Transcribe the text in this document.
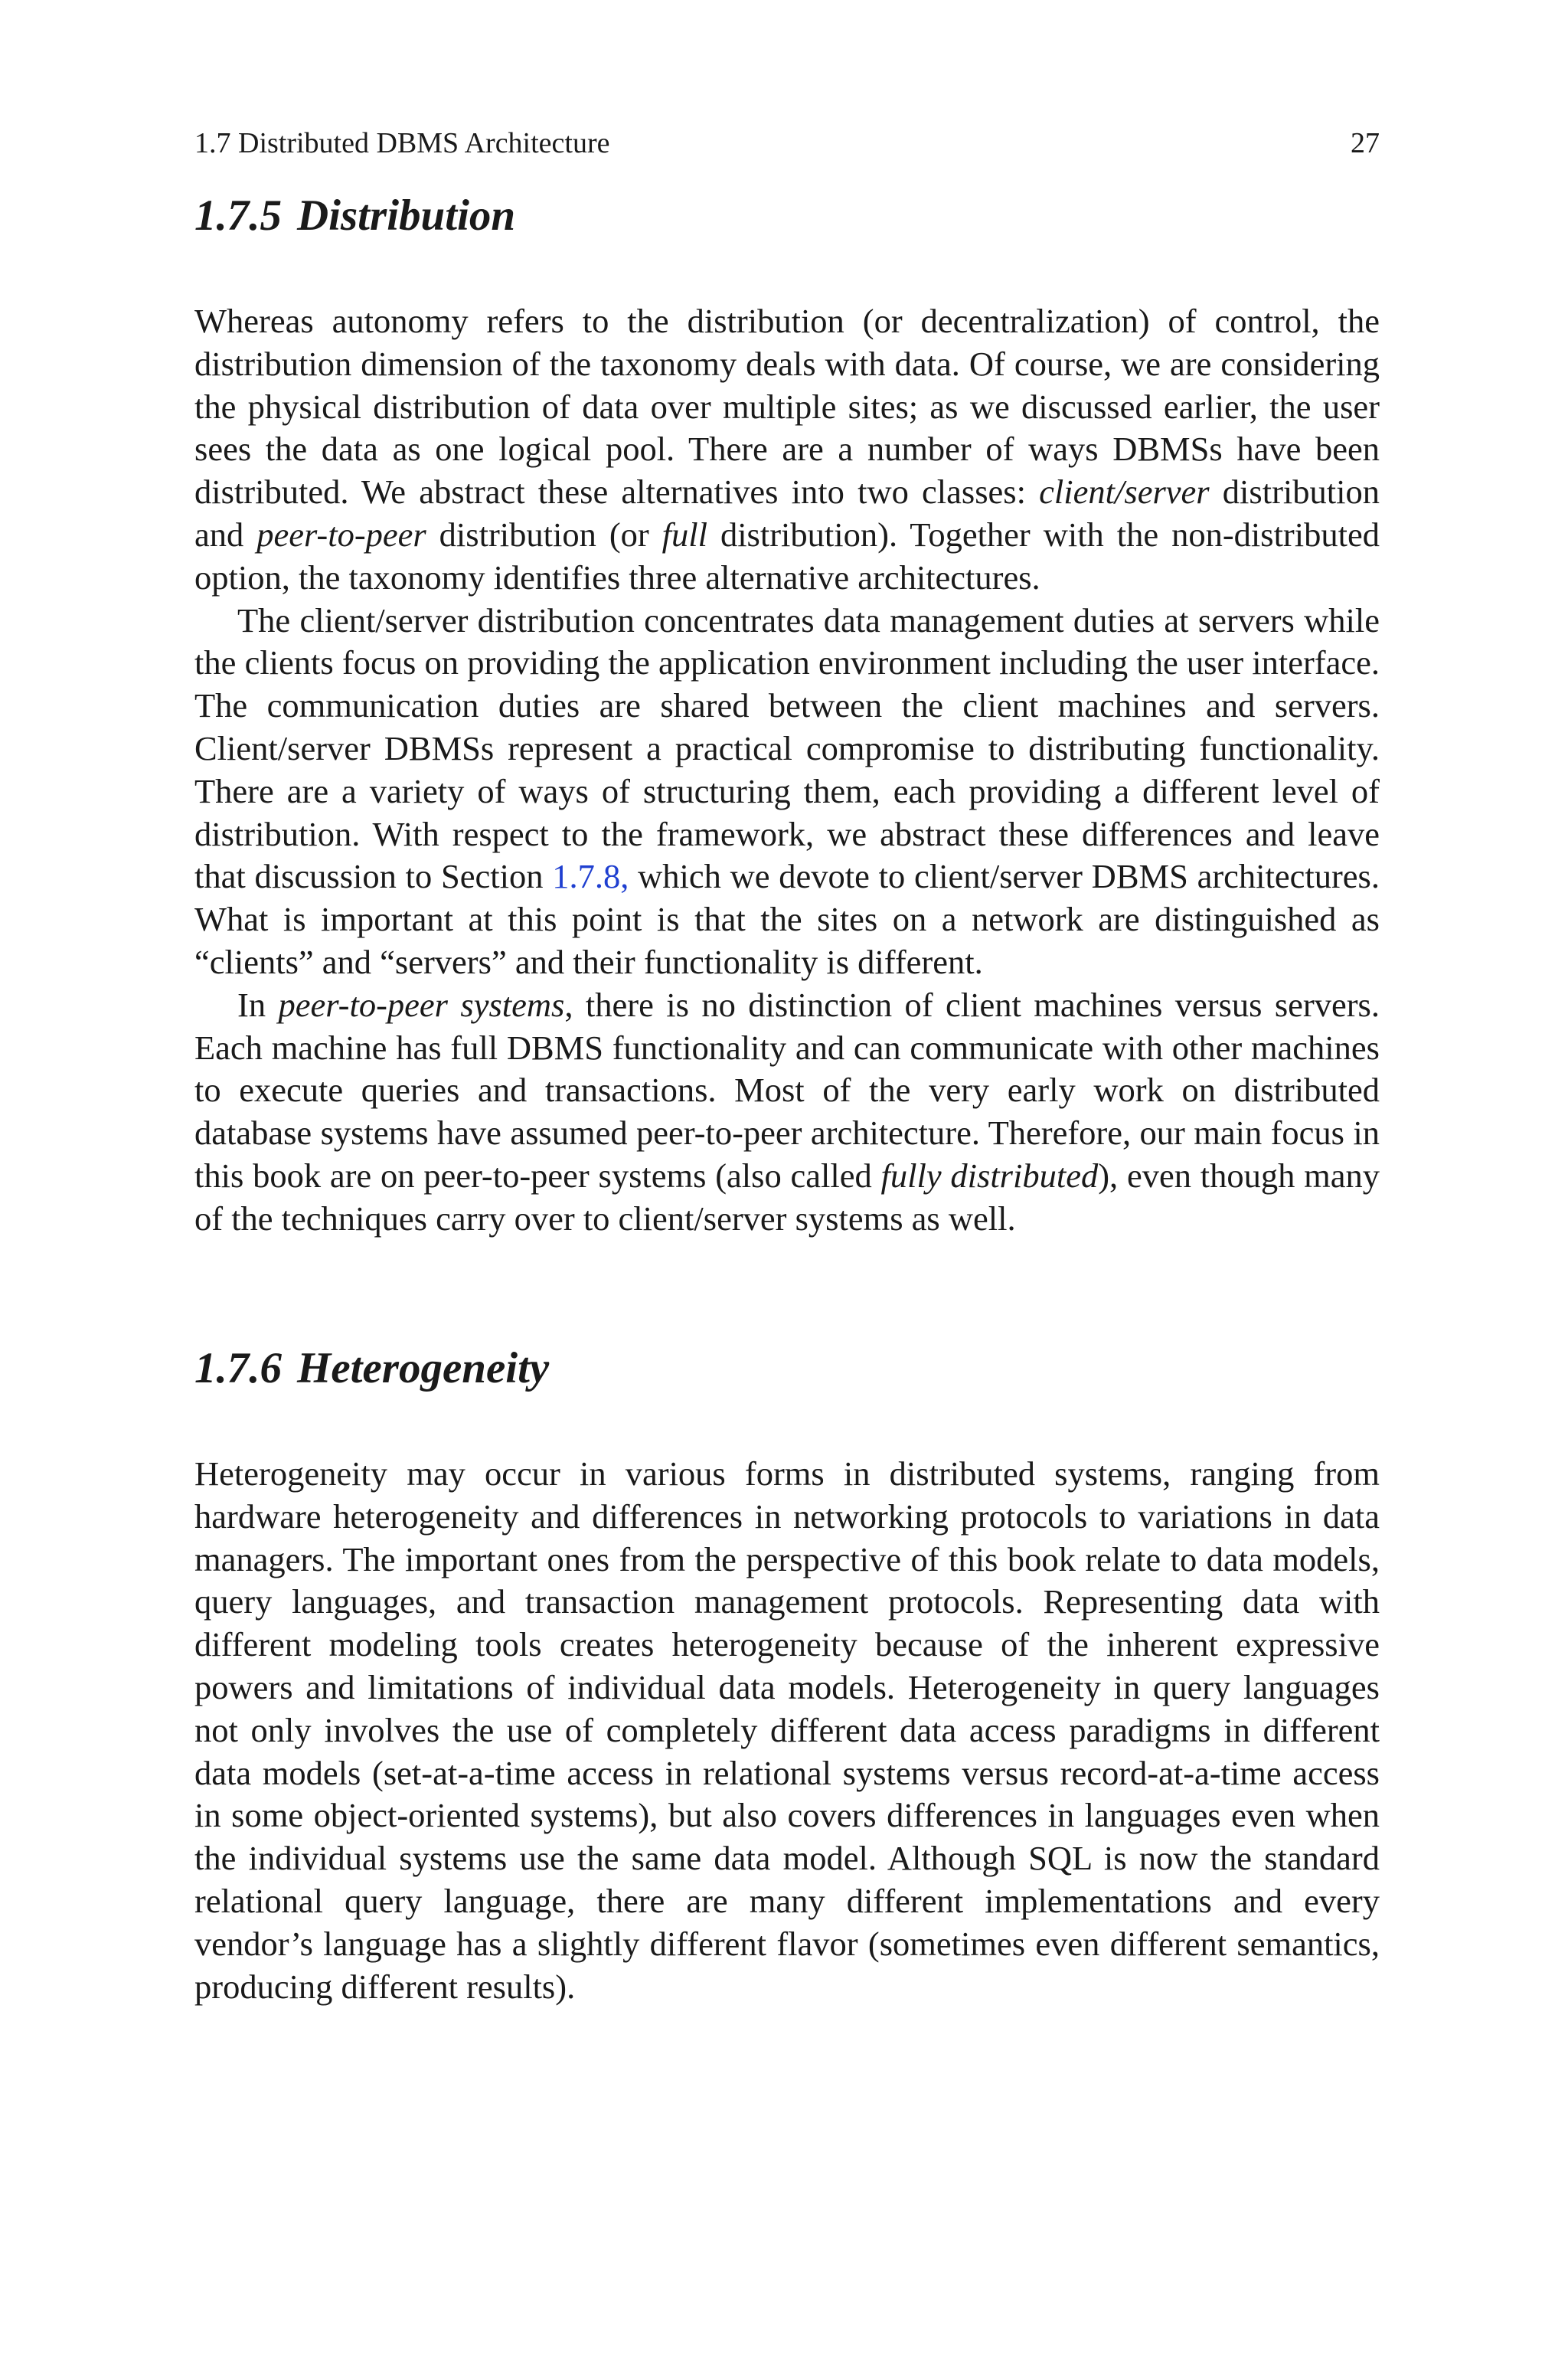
1.7 Distributed DBMS Architecture	27
1.7.5 Distribution

Whereas autonomy refers to the distribution (or decentralization) of control, the distribution dimension of the taxonomy deals with data. Of course, we are considering the physical distribution of data over multiple sites; as we discussed earlier, the user sees the data as one logical pool. There are a number of ways DBMSs have been distributed. We abstract these alternatives into two classes: client/server distribution and peer-to-peer distribution (or full distribution). Together with the non-distributed option, the taxonomy identifies three alternative architectures.

The client/server distribution concentrates data management duties at servers while the clients focus on providing the application environment including the user interface. The communication duties are shared between the client machines and servers. Client/server DBMSs represent a practical compromise to distributing functionality. There are a variety of ways of structuring them, each providing a different level of distribution. With respect to the framework, we abstract these differences and leave that discussion to Section 1.7.8, which we devote to client/server DBMS architectures. What is important at this point is that the sites on a network are distinguished as “clients” and “servers” and their functionality is different.

In peer-to-peer systems, there is no distinction of client machines versus servers. Each machine has full DBMS functionality and can communicate with other machines to execute queries and transactions. Most of the very early work on distributed database systems have assumed peer-to-peer architecture. Therefore, our main focus in this book are on peer-to-peer systems (also called fully distributed), even though many of the techniques carry over to client/server systems as well.

1.7.6 Heterogeneity

Heterogeneity may occur in various forms in distributed systems, ranging from hardware heterogeneity and differences in networking protocols to variations in data managers. The important ones from the perspective of this book relate to data models, query languages, and transaction management protocols. Representing data with different modeling tools creates heterogeneity because of the inherent expressive powers and limitations of individual data models. Heterogeneity in query languages not only involves the use of completely different data access paradigms in different data models (set-at-a-time access in relational systems versus record-at-a-time access in some object-oriented systems), but also covers differences in languages even when the individual systems use the same data model. Although SQL is now the standard relational query language, there are many different implementations and every vendor’s language has a slightly different flavor (sometimes even different semantics, producing different results).
